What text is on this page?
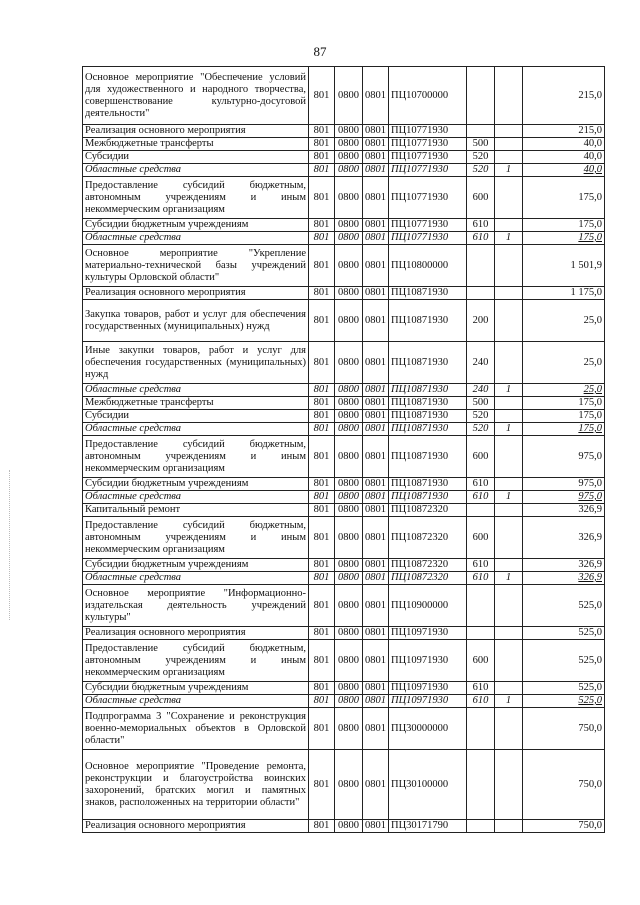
87
Основное мероприятие "Обеспечение условий для художественного и народного творчества, совершенствование культурно-досуговой деятельности"	801	0800	0801	ПЦ10700000			215,0
Реализация основного мероприятия	801	0800	0801	ПЦ10771930			215,0
Межбюджетные трансферты	801	0800	0801	ПЦ10771930	500		40,0
Субсидии	801	0800	0801	ПЦ10771930	520		40,0
Областные средства	801	0800	0801	ПЦ10771930	520	1	40,0
Предоставление субсидий бюджетным, автономным учреждениям и иным некоммерческим организациям	801	0800	0801	ПЦ10771930	600		175,0
Субсидии бюджетным учреждениям	801	0800	0801	ПЦ10771930	610		175,0
Областные средства	801	0800	0801	ПЦ10771930	610	1	175,0
Основное мероприятие "Укрепление материально-технической базы учреждений культуры Орловской области"	801	0800	0801	ПЦ10800000			1 501,9
Реализация основного мероприятия	801	0800	0801	ПЦ10871930			1 175,0
Закупка товаров, работ и услуг для обеспечения государственных (муниципальных) нужд	801	0800	0801	ПЦ10871930	200		25,0
Иные закупки товаров, работ и услуг для обеспечения государственных (муниципальных) нужд	801	0800	0801	ПЦ10871930	240		25,0
Областные средства	801	0800	0801	ПЦ10871930	240	1	25,0
Межбюджетные трансферты	801	0800	0801	ПЦ10871930	500		175,0
Субсидии	801	0800	0801	ПЦ10871930	520		175,0
Областные средства	801	0800	0801	ПЦ10871930	520	1	175,0
Предоставление субсидий бюджетным, автономным учреждениям и иным некоммерческим организациям	801	0800	0801	ПЦ10871930	600		975,0
Субсидии бюджетным учреждениям	801	0800	0801	ПЦ10871930	610		975,0
Областные средства	801	0800	0801	ПЦ10871930	610	1	975,0
Капитальный ремонт	801	0800	0801	ПЦ10872320			326,9
Предоставление субсидий бюджетным, автономным учреждениям и иным некоммерческим организациям	801	0800	0801	ПЦ10872320	600		326,9
Субсидии бюджетным учреждениям	801	0800	0801	ПЦ10872320	610		326,9
Областные средства	801	0800	0801	ПЦ10872320	610	1	326,9
Основное мероприятие "Информационно-издательская деятельность учреждений культуры"	801	0800	0801	ПЦ10900000			525,0
Реализация основного мероприятия	801	0800	0801	ПЦ10971930			525,0
Предоставление субсидий бюджетным, автономным учреждениям и иным некоммерческим организациям	801	0800	0801	ПЦ10971930	600		525,0
Субсидии бюджетным учреждениям	801	0800	0801	ПЦ10971930	610		525,0
Областные средства	801	0800	0801	ПЦ10971930	610	1	525,0
Подпрограмма 3 "Сохранение и реконструкция военно-мемориальных объектов в Орловской области"	801	0800	0801	ПЦ30000000			750,0
Основное мероприятие "Проведение ремонта, реконструкции и благоустройства воинских захоронений, братских могил и памятных знаков, расположенных на территории области"	801	0800	0801	ПЦ30100000			750,0
Реализация основного мероприятия	801	0800	0801	ПЦ30171790			750,0
